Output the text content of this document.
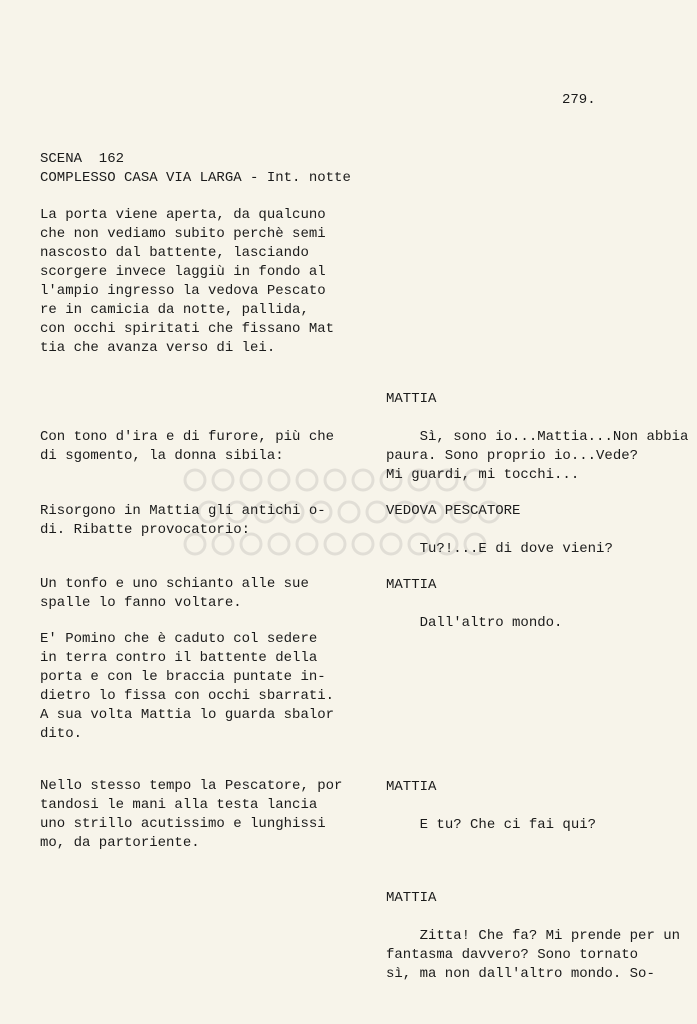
279.
SCENA  162
COMPLESSO CASA VIA LARGA - Int. notte
La porta viene aperta, da qualcuno
che non vediamo subito perchè semi
nascosto dal battente, lasciando
scorgere invece laggiù in fondo al
l'ampio ingresso la vedova Pescato
re in camicia da notte, pallida,
con occhi spiritati che fissano Mat
tia che avanza verso di lei.
Con tono d'ira e di furore, più che
di sgomento, la donna sibila:
Risorgono in Mattia gli antichi o-
di. Ribatte provocatorio:
Un tonfo e uno schianto alle sue
spalle lo fanno voltare.
E' Pomino che è caduto col sedere
in terra contro il battente della
porta e con le braccia puntate in-
dietro lo fissa con occhi sbarrati.
A sua volta Mattia lo guarda sbalor
dito.
Nello stesso tempo la Pescatore, por
tandosi le mani alla testa lancia
uno strillo acutissimo e lunghissi
mo, da partoriente.

MATTIA

Sì, sono io...Mattia...Non abbia
paura. Sono proprio io...Vede?
Mi guardi, mi tocchi...

VEDOVA PESCATORE

Tu?!...E di dove vieni?

MATTIA

Dall'altro mondo.

MATTIA

E tu? Che ci fai qui?

MATTIA

Zitta! Che fa? Mi prende per un
fantasma davvero? Sono tornato
sì, ma non dall'altro mondo. So-
